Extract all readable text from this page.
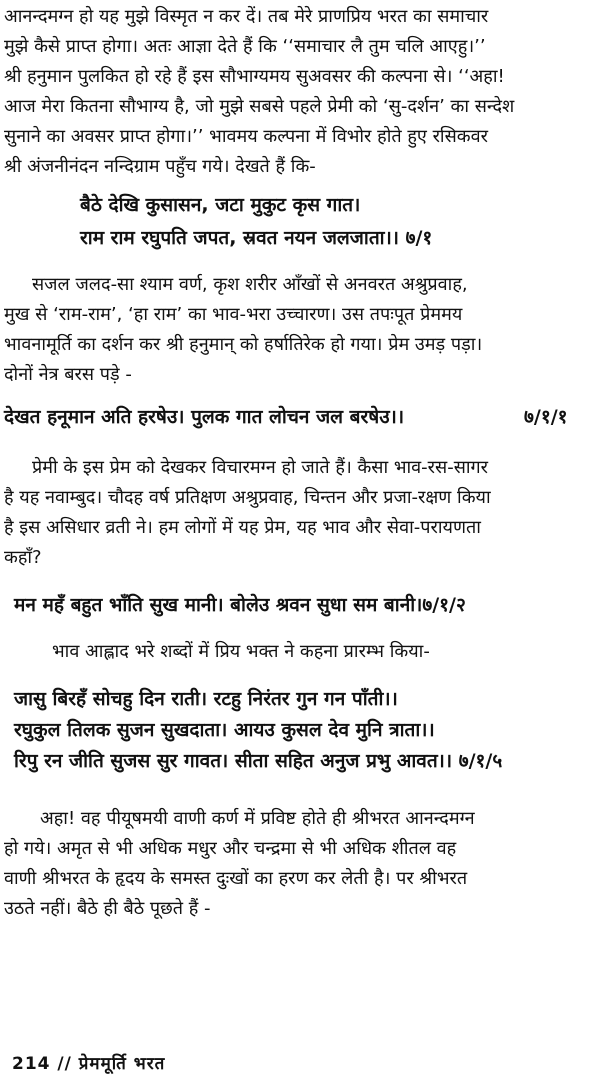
आनन्दमग्न हो यह मुझे विस्मृत न कर दें। तब मेरे प्राणप्रिय भरत का समाचार
मुझे कैसे प्राप्त होगा। अतः आज्ञा देते हैं कि ‘‘समाचार लै तुम चलि आएहु।’’
श्री हनुमान पुलकित हो रहे हैं इस सौभाग्यमय सुअवसर की कल्पना से। ‘‘अहा!
आज मेरा कितना सौभाग्य है, जो मुझे सबसे पहले प्रेमी को ‘सु-दर्शन’ का सन्देश
सुनाने का अवसर प्राप्त होगा।’’ भावमय कल्पना में विभोर होते हुए रसिकवर
श्री अंजनीनंदन नन्दिग्राम पहुँच गये। देखते हैं कि-
बैठे देखि कुसासन, जटा मुकुट कृस गात।
राम राम रघुपति जपत, स्रवत नयन जलजाता।। ७/१
सजल जलद-सा श्याम वर्ण, कृश शरीर आँखों से अनवरत अश्रुप्रवाह,
मुख से ‘राम-राम’, ‘हा राम’ का भाव-भरा उच्चारण। उस तपःपूत प्रेममय
भावनामूर्ति का दर्शन कर श्री हनुमान् को हर्षातिरेक हो गया। प्रेम उमड़ पड़ा।
दोनों नेत्र बरस पड़े -
देखत हनूमान अति हरषेउ। पुलक गात लोचन जल बरषेउ।।	७/१/१
प्रेमी के इस प्रेम को देखकर विचारमग्न हो जाते हैं। कैसा भाव-रस-सागर
है यह नवाम्बुद। चौदह वर्ष प्रतिक्षण अश्रुप्रवाह, चिन्तन और प्रजा-रक्षण किया
है इस असिधार व्रती ने। हम लोगों में यह प्रेम, यह भाव और सेवा-परायणता
कहाँ?
मन महँ बहुत भाँति सुख मानी। बोलेउ श्रवन सुधा सम बानी।७/१/२
भाव आह्लाद भरे शब्दों में प्रिय भक्त ने कहना प्रारम्भ किया-
जासु बिरहँ सोचहु दिन राती। रटहु निरंतर गुन गन पाँती।।
रघुकुल तिलक सुजन सुखदाता। आयउ कुसल देव मुनि त्राता।।
रिपु रन जीति सुजस सुर गावत। सीता सहित अनुज प्रभु आवत।। ७/१/५
अहा! वह पीयूषमयी वाणी कर्ण में प्रविष्ट होते ही श्रीभरत आनन्दमग्न
हो गये। अमृत से भी अधिक मधुर और चन्द्रमा से भी अधिक शीतल वह
वाणी श्रीभरत के हृदय के समस्त दुःखों का हरण कर लेती है। पर श्रीभरत
उठते नहीं। बैठे ही बैठे पूछते हैं -
214 // प्रेममूर्ति भरत
